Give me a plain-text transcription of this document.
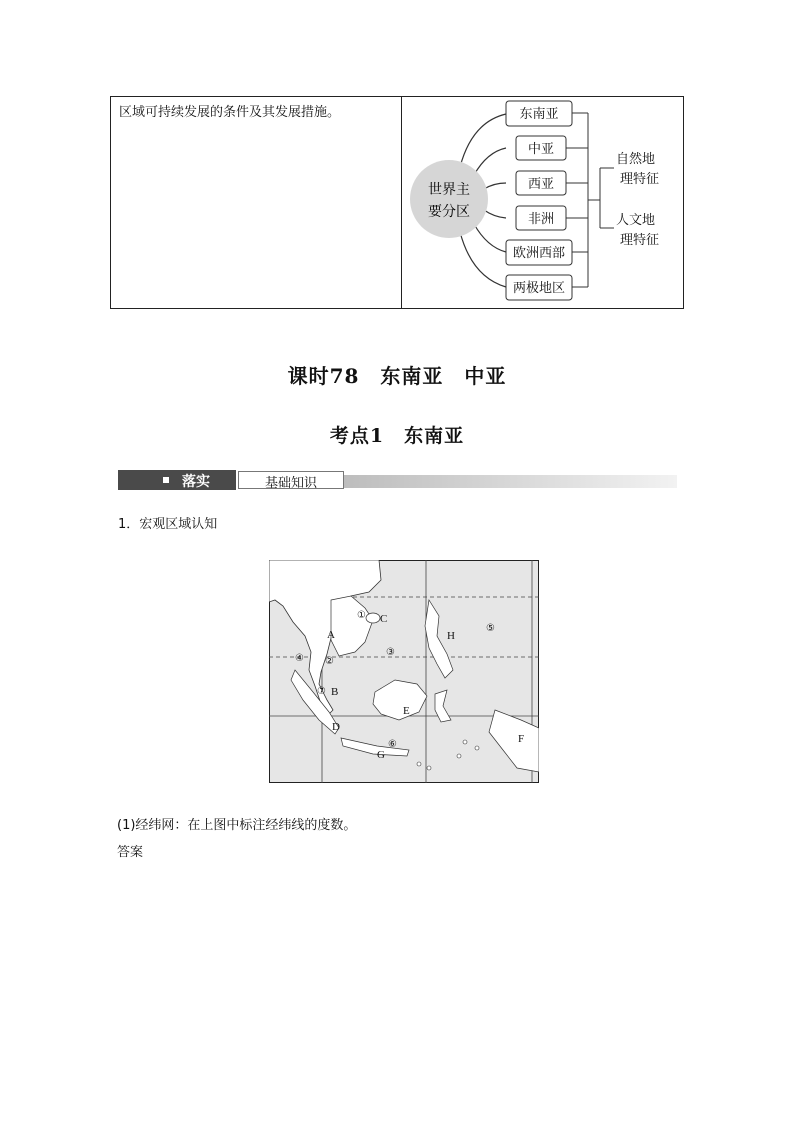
区域可持续发展的条件及其发展措施。
世界主
要分区
东南亚
中亚
西亚
非洲
欧洲西部
两极地区
自然地
理特征
人文地
理特征
课时78　东南亚　中亚
考点1　东南亚
落实	基础知识
1．宏观区域认知
A
B
C
D
E
F
G
H
①
②
③
④
⑤
⑥
⑦
(1)经纬网：在上图中标注经纬线的度数。
答案
